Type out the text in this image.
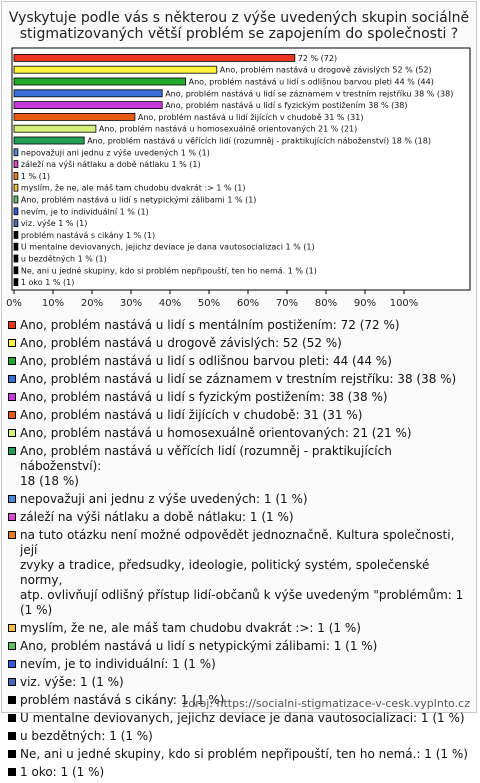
Vyskytuje podle vás s některou z výše uvedených skupin sociálně
stigmatizovaných větší problém se zapojením do společnosti ?
72 % (72)
Ano, problém nastává u drogově závislých 52 % (52)
Ano, problém nastává u lidí s odlišnou barvou pleti 44 % (44)
Ano, problém nastává u lidí se záznamem v trestním rejstříku 38 % (38)
Ano, problém nastává u lidí s fyzickým postižením 38 % (38)
Ano, problém nastává u lidí žijících v chudobě 31 % (31)
Ano, problém nastává u homosexuálně orientovaných 21 % (21)
Ano, problém nastává u věřících lidí (rozumněj - praktikujících náboženství) 18 % (18)
nepovažuji ani jednu z výše uvedených 1 % (1)
záleží na výši nátlaku a době nátlaku 1 % (1)
1 % (1)
myslím, že ne, ale máš tam chudobu dvakrát :> 1 % (1)
Ano, problém nastává u lidí s netypickými zálibami 1 % (1)
nevím, je to individuální 1 % (1)
viz. výše 1 % (1)
problém nastává s cikány 1 % (1)
U mentalne deviovanych, jejichz deviace je dana vautosocializaci 1 % (1)
u bezdětných 1 % (1)
Ne, ani u jedné skupiny, kdo si problém nepřipouští, ten ho nemá. 1 % (1)
1 oko 1 % (1)
0% 10% 20% 30% 40% 50% 60% 70% 80% 90% 100%
Ano, problém nastává u lidí s mentálním postižením: 72 (72 %)
Ano, problém nastává u drogově závislých: 52 (52 %)
Ano, problém nastává u lidí s odlišnou barvou pleti: 44 (44 %)
Ano, problém nastává u lidí se záznamem v trestním rejstříku: 38 (38 %)
Ano, problém nastává u lidí s fyzickým postižením: 38 (38 %)
Ano, problém nastává u lidí žijících v chudobě: 31 (31 %)
Ano, problém nastává u homosexuálně orientovaných: 21 (21 %)
Ano, problém nastává u věřících lidí (rozumněj - praktikujících náboženství):
18 (18 %)
nepovažuji ani jednu z výše uvedených: 1 (1 %)
záleží na výši nátlaku a době nátlaku: 1 (1 %)
na tuto otázku není možné odpovědět jednoznačně. Kultura společnosti, její
zvyky a tradice, předsudky, ideologie, politický systém, společenské normy,
atp. ovlivňují odlišný přístup lidí-občanů k výše uvedeným "problémům: 1
(1 %)
myslím, že ne, ale máš tam chudobu dvakrát :>: 1 (1 %)
Ano, problém nastává u lidí s netypickými zálibami: 1 (1 %)
nevím, je to individuální: 1 (1 %)
viz. výše: 1 (1 %)
problém nastává s cikány: 1 (1 %)
U mentalne deviovanych, jejichz deviace je dana vautosocializaci: 1 (1 %)
u bezdětných: 1 (1 %)
Ne, ani u jedné skupiny, kdo si problém nepřipouští, ten ho nemá.: 1 (1 %)
1 oko: 1 (1 %)
zdroj: https://socialni-stigmatizace-v-cesk.vyplnto.cz
